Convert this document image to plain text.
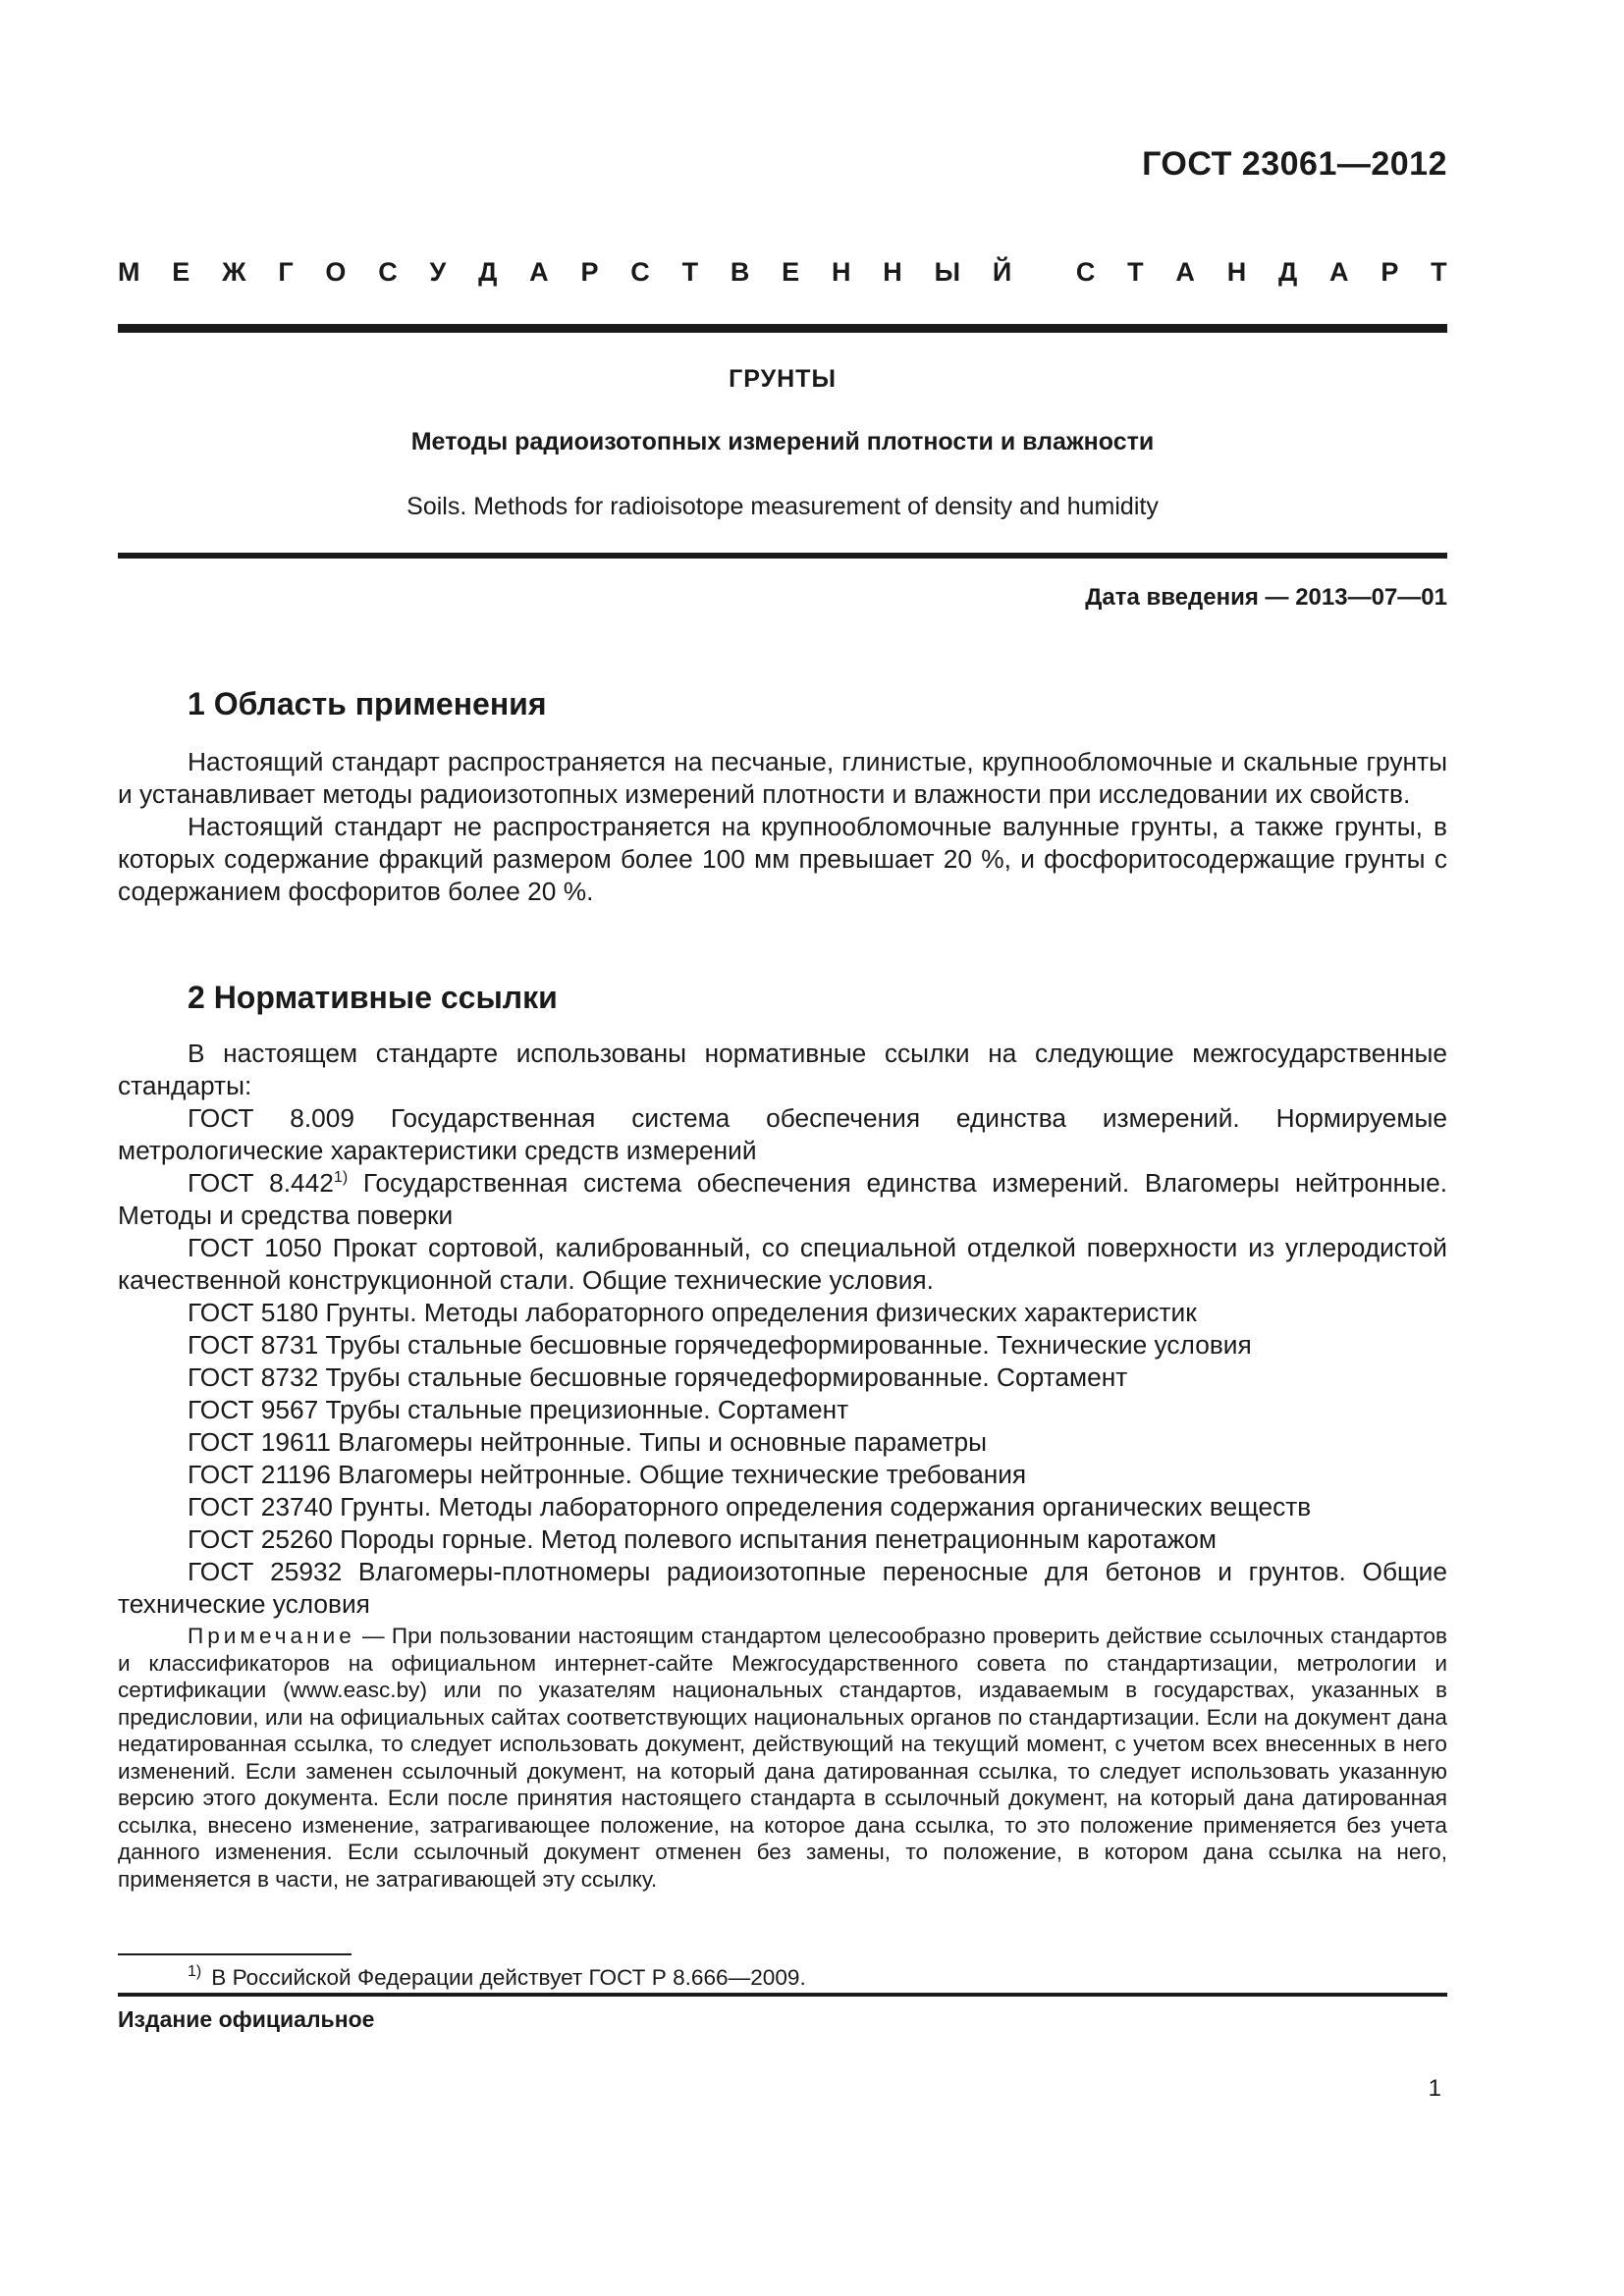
ГОСТ 23061—2012
М Е Ж Г О С У Д А Р С Т В Е Н Н Ы Й С Т А Н Д А Р Т
ГРУНТЫ
Методы радиоизотопных измерений плотности и влажности
Soils. Methods for radioisotope measurement of density and humidity
Дата введения — 2013—07—01
1 Область применения

Настоящий стандарт распространяется на песчаные, глинистые, крупнообломочные и скальные грунты и устанавливает методы радиоизотопных измерений плотности и влажности при исследовании их свойств.

Настоящий стандарт не распространяется на крупнообломочные валунные грунты, а также грунты, в которых содержание фракций размером более 100 мм превышает 20 %, и фосфоритосодержащие грунты с содержанием фосфоритов более 20 %.

2 Нормативные ссылки

В настоящем стандарте использованы нормативные ссылки на следующие межгосударственные стандарты:

ГОСТ 8.009 Государственная система обеспечения единства измерений. Нормируемые метрологические характеристики средств измерений

ГОСТ 8.442$^{1)}$ Государственная система обеспечения единства измерений. Влагомеры нейтронные. Методы и средства поверки

ГОСТ 1050 Прокат сортовой, калиброванный, со специальной отделкой поверхности из углеродистой качественной конструкционной стали. Общие технические условия.

ГОСТ 5180 Грунты. Методы лабораторного определения физических характеристик

ГОСТ 8731 Трубы стальные бесшовные горячедеформированные. Технические условия

ГОСТ 8732 Трубы стальные бесшовные горячедеформированные. Сортамент

ГОСТ 9567 Трубы стальные прецизионные. Сортамент

ГОСТ 19611 Влагомеры нейтронные. Типы и основные параметры

ГОСТ 21196 Влагомеры нейтронные. Общие технические требования

ГОСТ 23740 Грунты. Методы лабораторного определения содержания органических веществ

ГОСТ 25260 Породы горные. Метод полевого испытания пенетрационным каротажом

ГОСТ 25932 Влагомеры-плотномеры радиоизотопные переносные для бетонов и грунтов. Общие технические условия

Примечание — При пользовании настоящим стандартом целесообразно проверить действие ссылочных стандартов и классификаторов на официальном интернет-сайте Межгосударственного совета по стандартизации, метрологии и сертификации (www.easc.by) или по указателям национальных стандартов, издаваемым в государствах, указанных в предисловии, или на официальных сайтах соответствующих национальных органов по стандартизации. Если на документ дана недатированная ссылка, то следует использовать документ, действующий на текущий момент, с учетом всех внесенных в него изменений. Если заменен ссылочный документ, на который дана датированная ссылка, то следует использовать указанную версию этого документа. Если после принятия настоящего стандарта в ссылочный документ, на который дана датированная ссылка, внесено изменение, затрагивающее положение, на которое дана ссылка, то это положение применяется без учета данного изменения. Если ссылочный документ отменен без замены, то положение, в котором дана ссылка на него, применяется в части, не затрагивающей эту ссылку.
$^{1)}$ В Российской Федерации действует ГОСТ Р 8.666—2009.
Издание официальное
1
